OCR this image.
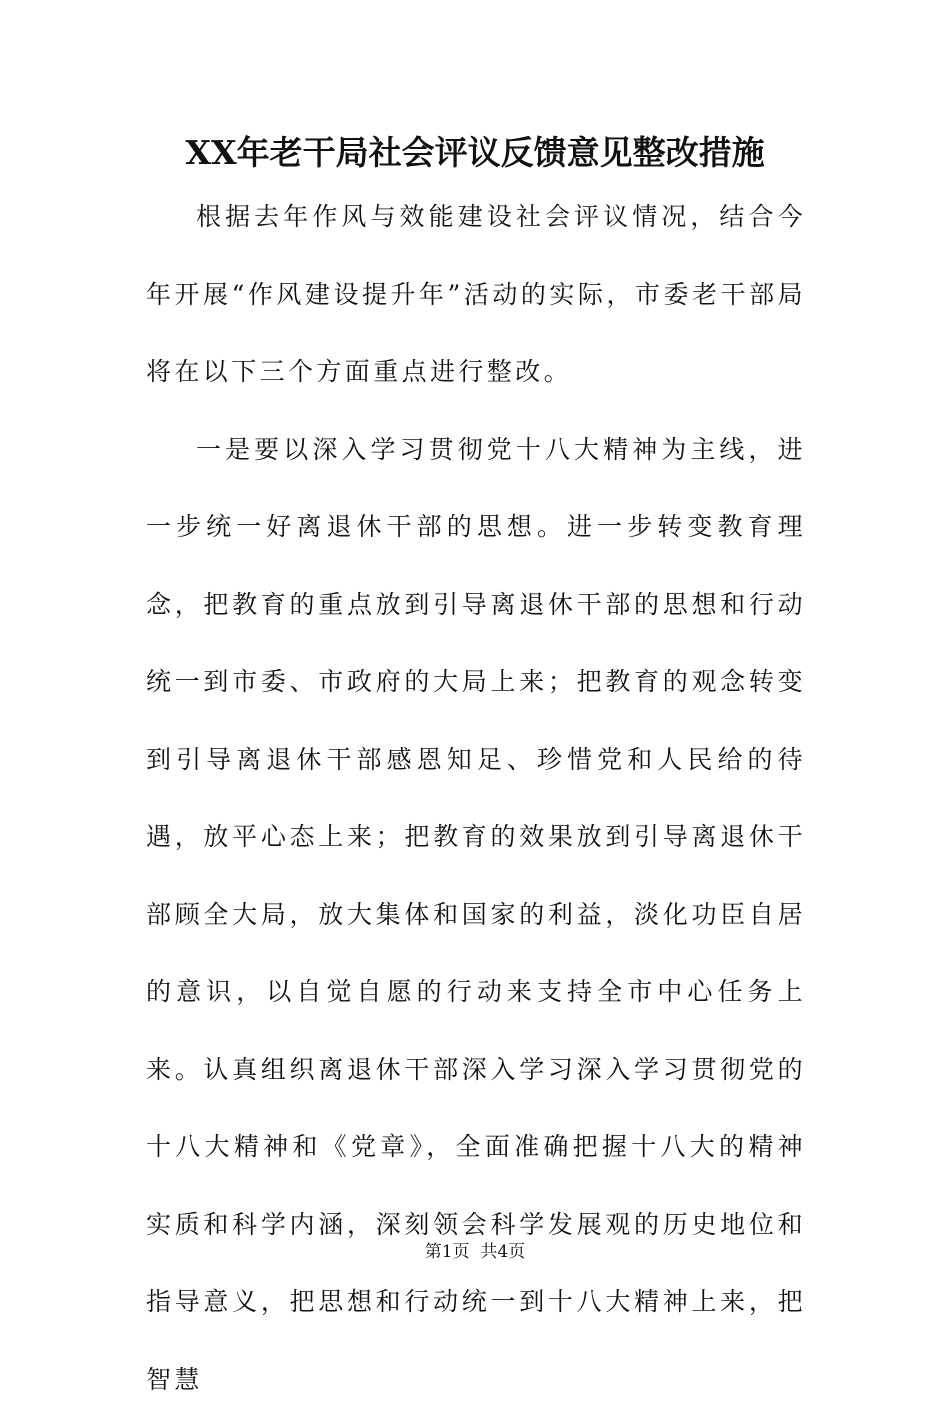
XX年老干局社会评议反馈意见整改措施

根据去年作风与效能建设社会评议情况，结合今年开展“作风建设提升年”活动的实际，市委老干部局将在以下三个方面重点进行整改。

一是要以深入学习贯彻党十八大精神为主线，进一步统一好离退休干部的思想。进一步转变教育理念，把教育的重点放到引导离退休干部的思想和行动统一到市委、市政府的大局上来；把教育的观念转变到引导离退休干部感恩知足、珍惜党和人民给的待遇，放平心态上来；把教育的效果放到引导离退休干部顾全大局，放大集体和国家的利益，淡化功臣自居的意识，以自觉自愿的行动来支持全市中心任务上来。认真组织离退休干部深入学习深入学习贯彻党的十八大精神和《党章》，全面准确把握十八大的精神实质和科学内涵，深刻领会科学发展观的历史地位和指导意义，把思想和行动统一到十八大精神上来，把智慧

第1页 共4页
